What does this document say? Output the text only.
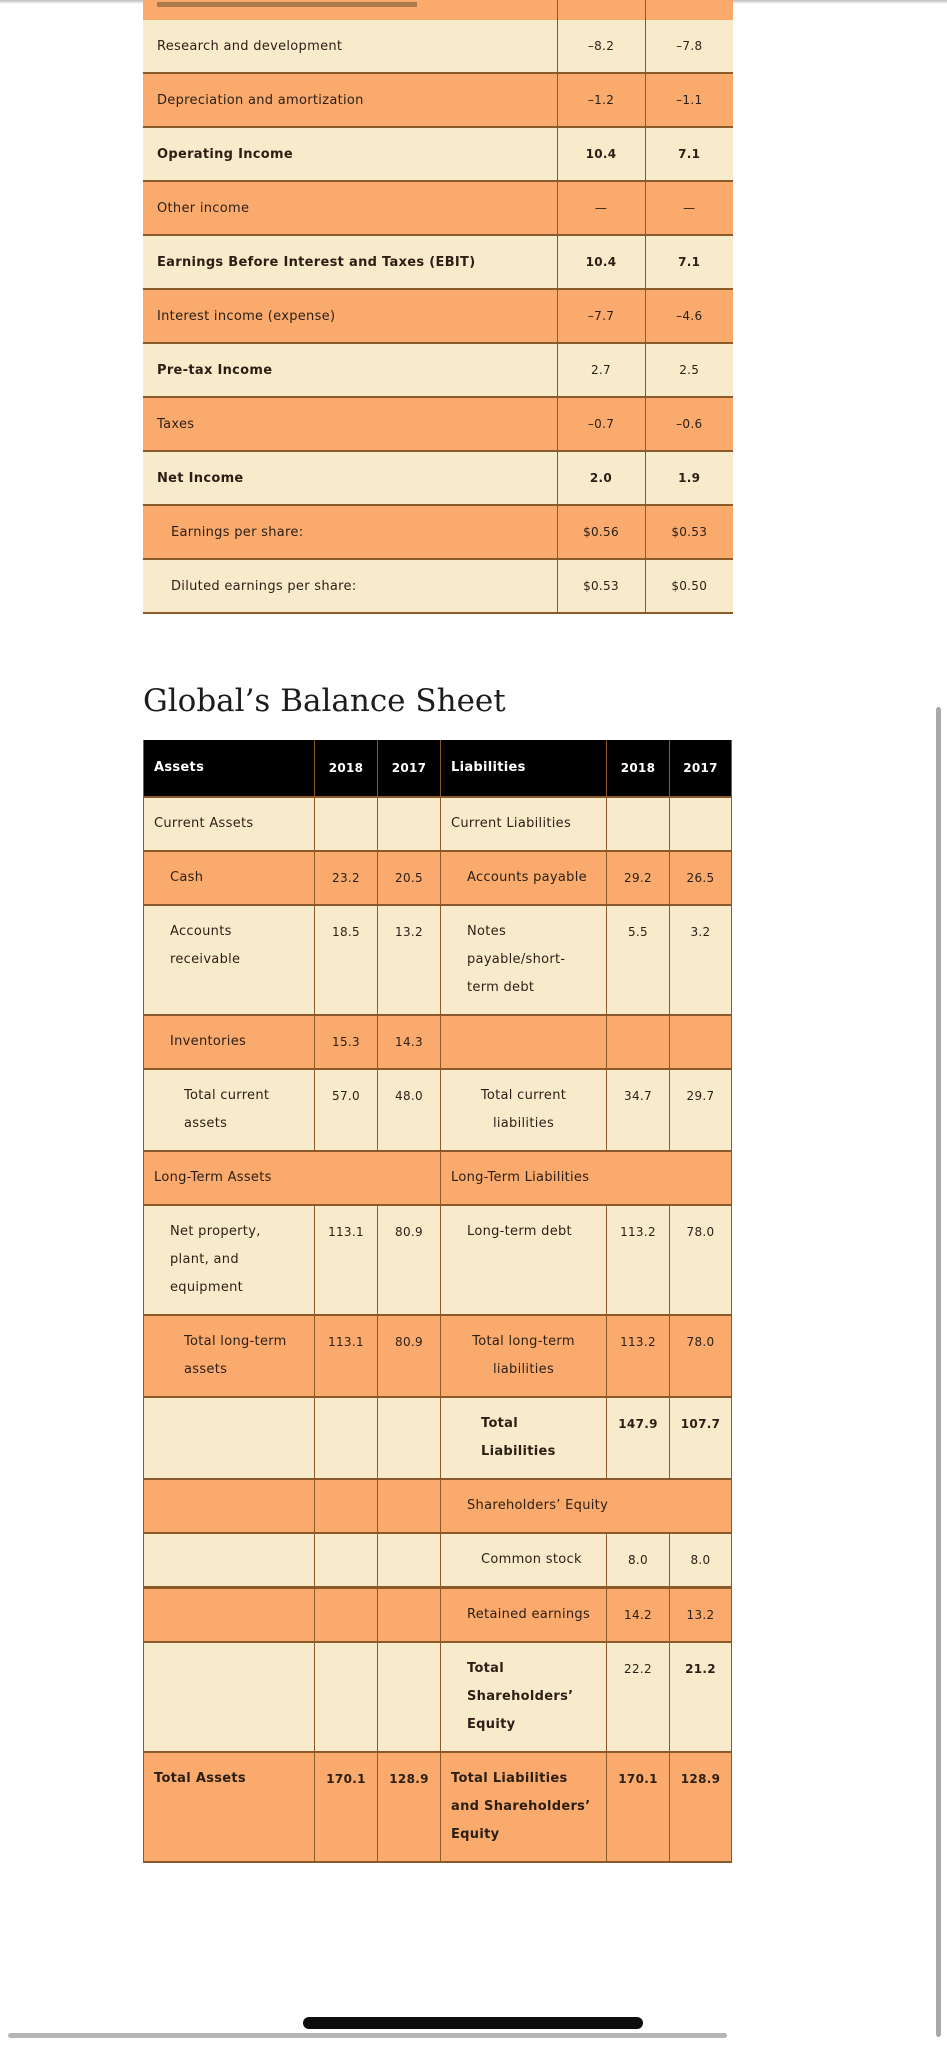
Research and development	–8.2	–7.8
Depreciation and amortization	–1.2	–1.1
Operating Income	10.4	7.1
Other income	—	—
Earnings Before Interest and Taxes (EBIT)	10.4	7.1
Interest income (expense)	–7.7	–4.6
Pre-tax Income	2.7	2.5
Taxes	–0.7	–0.6
Net Income	2.0	1.9
Earnings per share:	$0.56	$0.53
Diluted earnings per share:	$0.53	$0.50
Global’s Balance Sheet
Assets	2018	2017	Liabilities	2018	2017
Current Assets			Current Liabilities		
Cash	23.2	20.5	Accounts payable	29.2	26.5
Accounts receivable	18.5	13.2	Notes payable/short-term debt	5.5	3.2
Inventories	15.3	14.3			
Total current assets	57.0	48.0	Total current liabilities	34.7	29.7
Long-Term Assets			Long-Term Liabilities		
Net property, plant, and equipment	113.1	80.9	Long-term debt	113.2	78.0
Total long-term assets	113.1	80.9	Total long-term liabilities	113.2	78.0
			Total Liabilities	147.9	107.7
			Shareholders’ Equity		
			Common stock	8.0	8.0
			Retained earnings	14.2	13.2
			Total Shareholders’ Equity	22.2	21.2
Total Assets	170.1	128.9	Total Liabilities and Shareholders’ Equity	170.1	128.9
